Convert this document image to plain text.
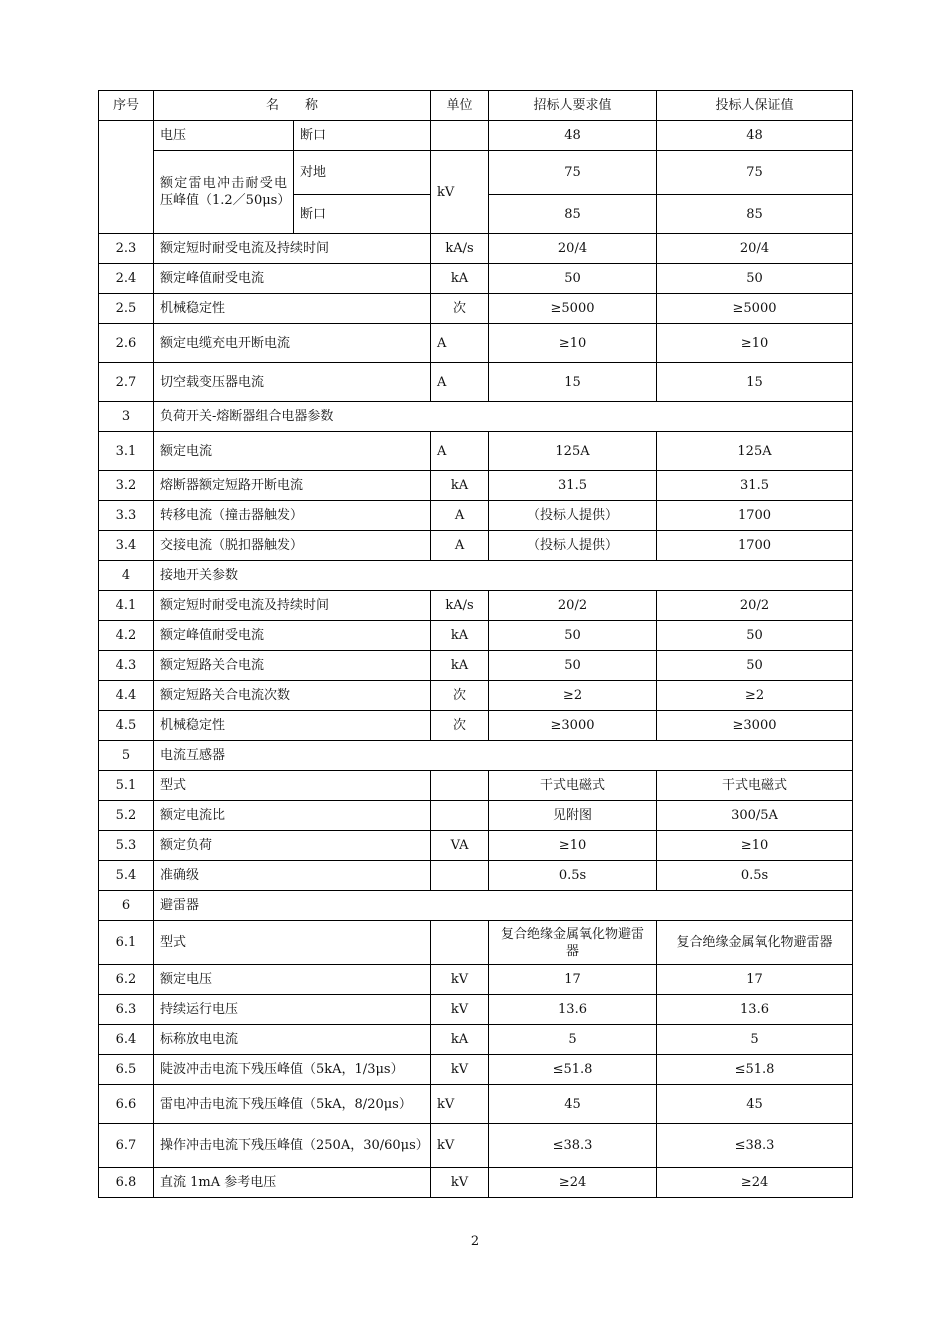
序号	名　　称		单位	招标人要求值	投标人保证值
	电压	断口		48	48
	额定雷电冲击耐受电压峰值（1.2／50μs）	对地	kV	75	75
		断口		85	85
2.3	额定短时耐受电流及持续时间		kA/s	20/4	20/4
2.4	额定峰值耐受电流		kA	50	50
2.5	机械稳定性		次	≥5000	≥5000
2.6	额定电缆充电开断电流		A	≥10	≥10
2.7	切空载变压器电流		A	15	15
3	负荷开关-熔断器组合电器参数				
3.1	额定电流		A	125A	125A
3.2	熔断器额定短路开断电流		kA	31.5	31.5
3.3	转移电流（撞击器触发）		A	（投标人提供）	1700
3.4	交接电流（脱扣器触发）		A	（投标人提供）	1700
4	接地开关参数				
4.1	额定短时耐受电流及持续时间		kA/s	20/2	20/2
4.2	额定峰值耐受电流		kA	50	50
4.3	额定短路关合电流		kA	50	50
4.4	额定短路关合电流次数		次	≥2	≥2
4.5	机械稳定性		次	≥3000	≥3000
5	电流互感器				
5.1	型式			干式电磁式	干式电磁式
5.2	额定电流比			见附图	300/5A
5.3	额定负荷		VA	≥10	≥10
5.4	准确级			0.5s	0.5s
6	避雷器				
6.1	型式			复合绝缘金属氧化物避雷器	复合绝缘金属氧化物避雷器
6.2	额定电压		kV	17	17
6.3	持续运行电压		kV	13.6	13.6
6.4	标称放电电流		kA	5	5
6.5	陡波冲击电流下残压峰值（5kA，1/3μs）		kV	≤51.8	≤51.8
6.6	雷电冲击电流下残压峰值（5kA，8/20μs）		kV	45	45
6.7	操作冲击电流下残压峰值（250A，30/60μs）		kV	≤38.3	≤38.3
6.8	直流 1mA 参考电压		kV	≥24	≥24
2
